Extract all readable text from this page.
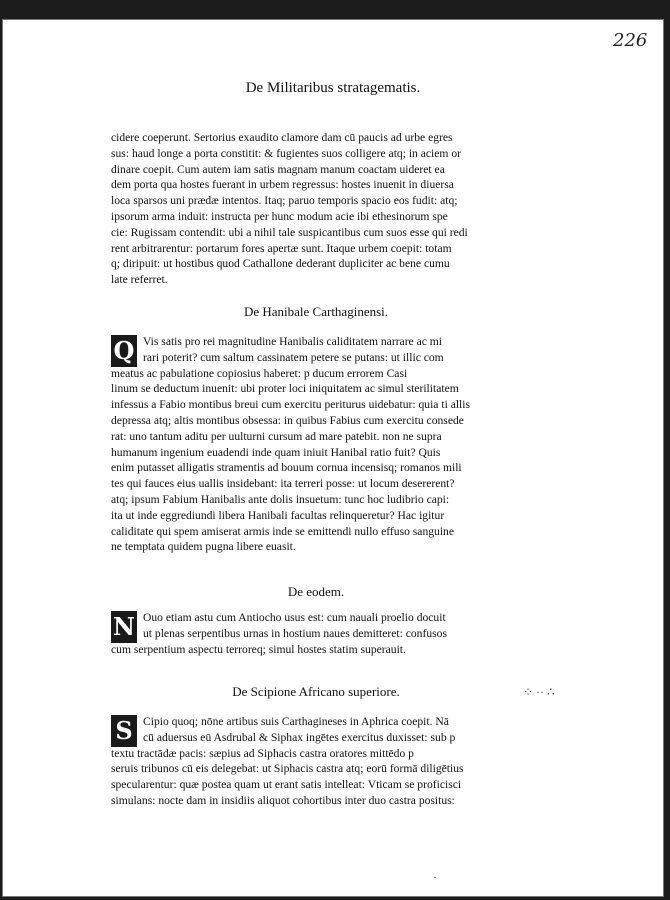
226
De Militaribus stratagematis.
cidere coeperunt. Sertorius exaudito clamore dam cū paucis ad urbe egres
sus: haud longe a porta constitit: & fugientes suos colligere atq; in aciem or
dinare coepit. Cum autem iam satis magnam manum coactam uideret ea
dem porta qua hostes fuerant in urbem regressus: hostes inuenit in diuersa
loca sparsos uni prædæ intentos. Itaq; paruo temporis spacio eos fudit: atq;
ipsorum arma induit: instructa per hunc modum acie ibi ethesinorum spe
cie: Rugissam contendit: ubi a nihil tale suspicantibus cum suos esse qui redi
rent arbitrarentur: portarum fores apertæ sunt. Itaque urbem coepit: totam
q; diripuit: ut hostibus quod Cathallone dederant dupliciter ac bene cumu
late referret.
De Hanibale Carthaginensi.
Q Vis satis pro rei magnitudine Hanibalis caliditatem narrare ac mi
rari poterit? cum saltum cassinatem petere se putans: ut illic com
meatus ac pabulatione copiosius haberet: p ducum errorem Casi
linum se deductum inuenit: ubi proter loci iniquitatem ac simul sterilitatem
infessus a Fabio montibus breui cum exercitu periturus uidebatur: quia ti allis
depressa atq; altis montibus obsessa: in quibus Fabius cum exercitu consede
rat: uno tantum aditu per uulturni cursum ad mare patebit. non ne supra
humanum ingenium euadendi inde quam iniuit Hanibal ratio fuit? Quis
enim putasset alligatis stramentis ad bouum cornua incensisq; romanos mili
tes qui fauces eius uallis insidebant: ita terreri posse: ut locum desererent?
atq; ipsum Fabium Hanibalis ante dolis insuetum: tunc hoc ludibrio capi:
ita ut inde eggrediundi libera Hanibali facultas relinqueretur? Hac igitur
caliditate qui spem amiserat armis inde se emittendi nullo effuso sanguine
ne temptata quidem pugna libere euasit.
De eodem.
N Ouo etiam astu cum Antiocho usus est: cum nauali proelio docuit
ut plenas serpentibus urnas in hostium naues demitteret: confusos
cum serpentium aspectu terroreq; simul hostes statim superauit.
De Scipione Africano superiore.
S Cipio quoq; nōne artibus suis Carthagineses in Aphrica coepit. Nā
cū aduersus eū Asdrubal & Siphax ingētes exercitus duxisset: sub p
textu tractādæ pacis: sæpius ad Siphacis castra oratores mittēdo p
seruis tribunos cū eis delegebat: ut Siphacis castra atq; eorū formā diligētius
specularentur: quæ postea quam ut erant satis intelleat: Vticam se proficisci
simulans: nocte dam in insidiis aliquot cohortibus inter duo castra positus:
⁘ ·· ∴
·
